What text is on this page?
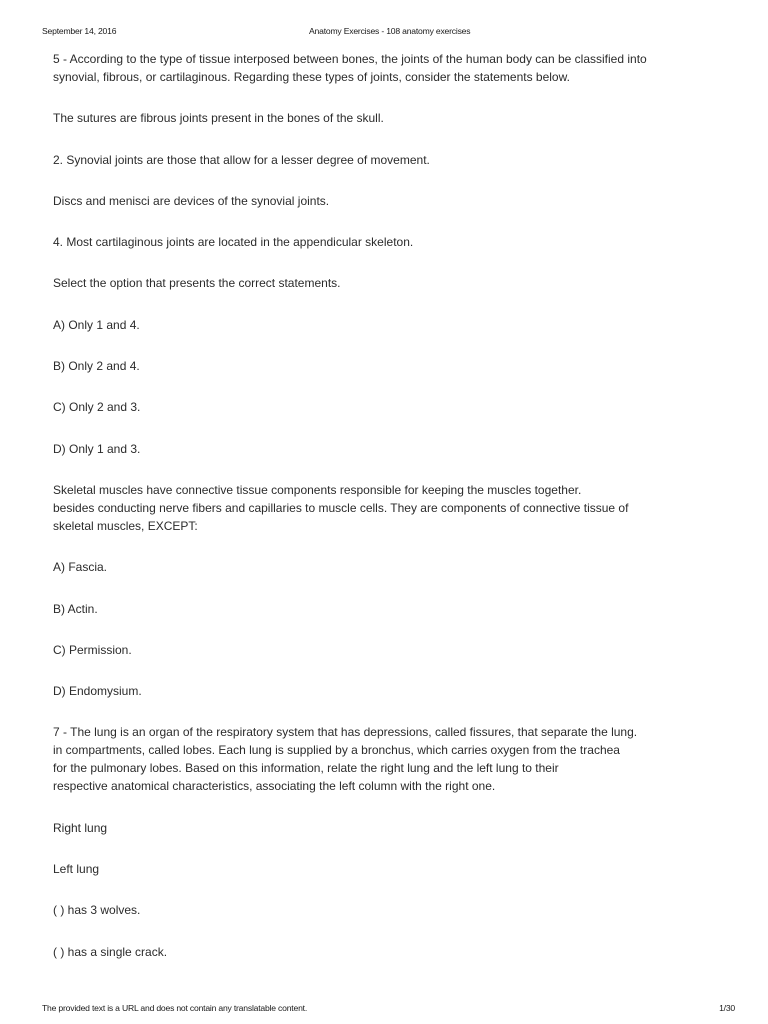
September 14, 2016	Anatomy Exercises - 108 anatomy exercises

5 - According to the type of tissue interposed between bones, the joints of the human body can be classified into
synovial, fibrous, or cartilaginous. Regarding these types of joints, consider the statements below.

The sutures are fibrous joints present in the bones of the skull.

2. Synovial joints are those that allow for a lesser degree of movement.

Discs and menisci are devices of the synovial joints.

4. Most cartilaginous joints are located in the appendicular skeleton.

Select the option that presents the correct statements.

A) Only 1 and 4.

B) Only 2 and 4.

C) Only 2 and 3.

D) Only 1 and 3.

Skeletal muscles have connective tissue components responsible for keeping the muscles together.
besides conducting nerve fibers and capillaries to muscle cells. They are components of connective tissue of
skeletal muscles, EXCEPT:

A) Fascia.

B) Actin.

C) Permission.

D) Endomysium.

7 - The lung is an organ of the respiratory system that has depressions, called fissures, that separate the lung.
in compartments, called lobes. Each lung is supplied by a bronchus, which carries oxygen from the trachea
for the pulmonary lobes. Based on this information, relate the right lung and the left lung to their
respective anatomical characteristics, associating the left column with the right one.

Right lung

Left lung

( ) has 3 wolves.

( ) has a single crack.

The provided text is a URL and does not contain any translatable content.	1/30
